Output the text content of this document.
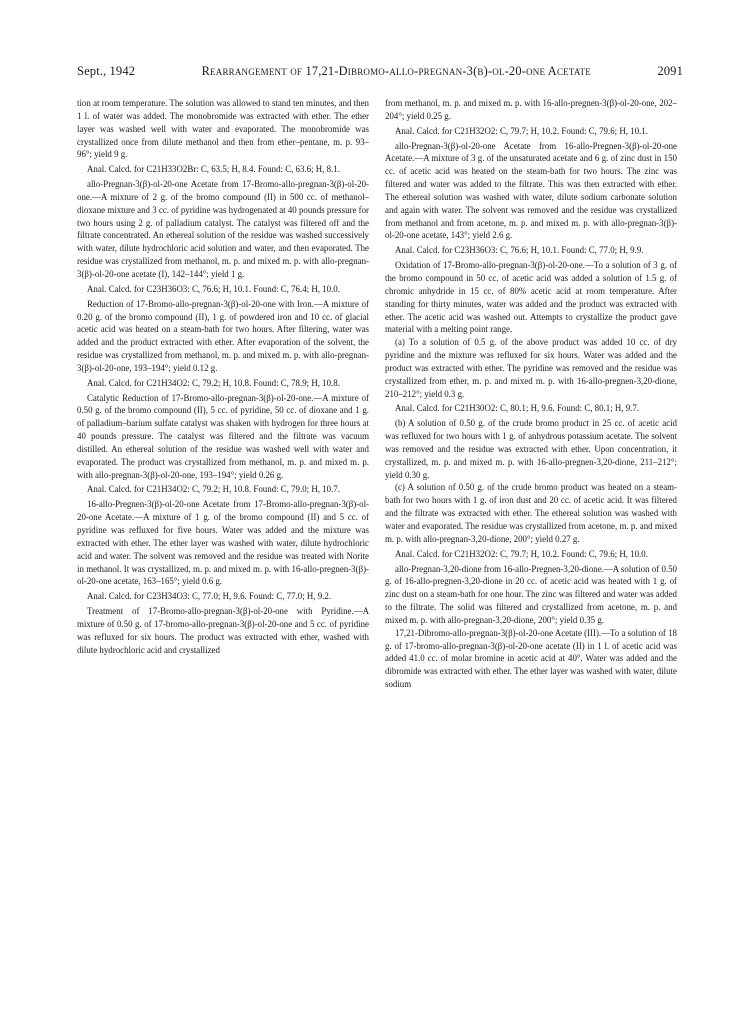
Sept., 1942	Rearrangement of 17,21-Dibromo-allo-pregnan-3(β)-ol-20-one Acetate	2091

tion at room temperature. The solution was allowed to stand ten minutes, and then 1 l. of water was added. The monobromide was extracted with ether. The ether layer was washed well with water and evaporated. The monobromide was crystallized once from dilute methanol and then from ether–pentane, m. p. 93–96°; yield 9 g.

Anal. Calcd. for C21H33O2Br: C, 63.5; H, 8.4. Found: C, 63.6; H, 8.1.

allo-Pregnan-3(β)-ol-20-one Acetate from 17-Bromo-allo-pregnan-3(β)-ol-20-one.—A mixture of 2 g. of the bromo compound (II) in 500 cc. of methanol–dioxane mixture and 3 cc. of pyridine was hydrogenated at 40 pounds pressure for two hours using 2 g. of palladium catalyst. The catalyst was filtered off and the filtrate concentrated. An ethereal solution of the residue was washed successively with water, dilute hydrochloric acid solution and water, and then evaporated. The residue was crystallized from methanol, m. p. and mixed m. p. with allo-pregnan-3(β)-ol-20-one acetate (I), 142–144°; yield 1 g.

Anal. Calcd. for C23H36O3: C, 76.6; H, 10.1. Found: C, 76.4; H, 10.0.

Reduction of 17-Bromo-allo-pregnan-3(β)-ol-20-one with Iron.—A mixture of 0.20 g. of the bromo compound (II), 1 g. of powdered iron and 10 cc. of glacial acetic acid was heated on a steam-bath for two hours. After filtering, water was added and the product extracted with ether. After evaporation of the solvent, the residue was crystallized from methanol, m. p. and mixed m. p. with allo-pregnan-3(β)-ol-20-one, 193–194°; yield 0.12 g.

Anal. Calcd. for C21H34O2: C, 79.2; H, 10.8. Found: C, 78.9; H, 10.8.

Catalytic Reduction of 17-Bromo-allo-pregnan-3(β)-ol-20-one.—A mixture of 0.50 g. of the bromo compound (II), 5 cc. of pyridine, 50 cc. of dioxane and 1 g. of palladium–barium sulfate catalyst was shaken with hydrogen for three hours at 40 pounds pressure. The catalyst was filtered and the filtrate was vacuum distilled. An ethereal solution of the residue was washed well with water and evaporated. The product was crystallized from methanol, m. p. and mixed m. p. with allo-pregnan-3(β)-ol-20-one, 193–194°; yield 0.26 g.

Anal. Calcd. for C21H34O2: C, 79.2; H, 10.8. Found: C, 79.0; H, 10.7.

16-allo-Pregnen-3(β)-ol-20-one Acetate from 17-Bromo-allo-pregnan-3(β)-ol-20-one Acetate.—A mixture of 1 g. of the bromo compound (II) and 5 cc. of pyridine was refluxed for five hours. Water was added and the mixture was extracted with ether. The ether layer was washed with water, dilute hydrochloric acid and water. The solvent was removed and the residue was treated with Norite in methanol. It was crystallized, m. p. and mixed m. p. with 16-allo-pregnen-3(β)-ol-20-one acetate, 163–165°; yield 0.6 g.

Anal. Calcd. for C23H34O3: C, 77.0; H, 9.6. Found: C, 77.0; H, 9.2.

Treatment of 17-Bromo-allo-pregnan-3(β)-ol-20-one with Pyridine.—A mixture of 0.50 g. of 17-bromo-allo-pregnan-3(β)-ol-20-one and 5 cc. of pyridine was refluxed for six hours. The product was extracted with ether, washed with dilute hydrochloric acid and crystallized

from methanol, m. p. and mixed m. p. with 16-allo-pregnen-3(β)-ol-20-one, 202–204°; yield 0.25 g.

Anal. Calcd. for C21H32O2: C, 79.7; H, 10.2. Found: C, 79.6; H, 10.1.

allo-Pregnan-3(β)-ol-20-one Acetate from 16-allo-Pregnen-3(β)-ol-20-one Acetate.—A mixture of 3 g. of the unsaturated acetate and 6 g. of zinc dust in 150 cc. of acetic acid was heated on the steam-bath for two hours. The zinc was filtered and water was added to the filtrate. This was then extracted with ether. The ethereal solution was washed with water, dilute sodium carbonate solution and again with water. The solvent was removed and the residue was crystallized from methanol and from acetone, m. p. and mixed m. p. with allo-pregnan-3(β)-ol-20-one acetate, 143°; yield 2.6 g.

Anal. Calcd. for C23H36O3: C, 76.6; H, 10.1. Found: C, 77.0; H, 9.9.

Oxidation of 17-Bromo-allo-pregnan-3(β)-ol-20-one.—To a solution of 3 g. of the bromo compound in 50 cc. of acetic acid was added a solution of 1.5 g. of chromic anhydride in 15 cc. of 80% acetic acid at room temperature. After standing for thirty minutes, water was added and the product was extracted with ether. The acetic acid was washed out. Attempts to crystallize the product gave material with a melting point range.

(a) To a solution of 0.5 g. of the above product was added 10 cc. of dry pyridine and the mixture was refluxed for six hours. Water was added and the product was extracted with ether. The pyridine was removed and the residue was crystallized from ether, m. p. and mixed m. p. with 16-allo-pregnen-3,20-dione, 210–212°; yield 0.3 g.

Anal. Calcd. for C21H30O2: C, 80.1; H, 9.6. Found: C, 80.1; H, 9.7.

(b) A solution of 0.50 g. of the crude bromo product in 25 cc. of acetic acid was refluxed for two hours with 1 g. of anhydrous potassium acetate. The solvent was removed and the residue was extracted with ether. Upon concentration, it crystallized, m. p. and mixed m. p. with 16-allo-pregnen-3,20-dione, 211–212°; yield 0.30 g.

(c) A solution of 0.50 g. of the crude bromo product was heated on a steam-bath for two hours with 1 g. of iron dust and 20 cc. of acetic acid. It was filtered and the filtrate was extracted with ether. The ethereal solution was washed with water and evaporated. The residue was crystallized from acetone, m. p. and mixed m. p. with allo-pregnan-3,20-dione, 200°; yield 0.27 g.

Anal. Calcd. for C21H32O2: C, 79.7; H, 10.2. Found: C, 79.6; H, 10.0.

allo-Pregnan-3,20-dione from 16-allo-Pregnen-3,20-dione.—A solution of 0.50 g. of 16-allo-pregnen-3,20-dione in 20 cc. of acetic acid was heated with 1 g. of zinc dust on a steam-bath for one hour. The zinc was filtered and water was added to the filtrate. The solid was filtered and crystallized from acetone, m. p. and mixed m. p. with allo-pregnan-3,20-dione, 200°; yield 0.35 g.

17,21-Dibromo-allo-pregnan-3(β)-ol-20-one Acetate (III).—To a solution of 18 g. of 17-bromo-allo-pregnan-3(β)-ol-20-one acetate (II) in 1 l. of acetic acid was added 41.0 cc. of molar bromine in acetic acid at 40°. Water was added and the dibromide was extracted with ether. The ether layer was washed with water, dilute sodium
